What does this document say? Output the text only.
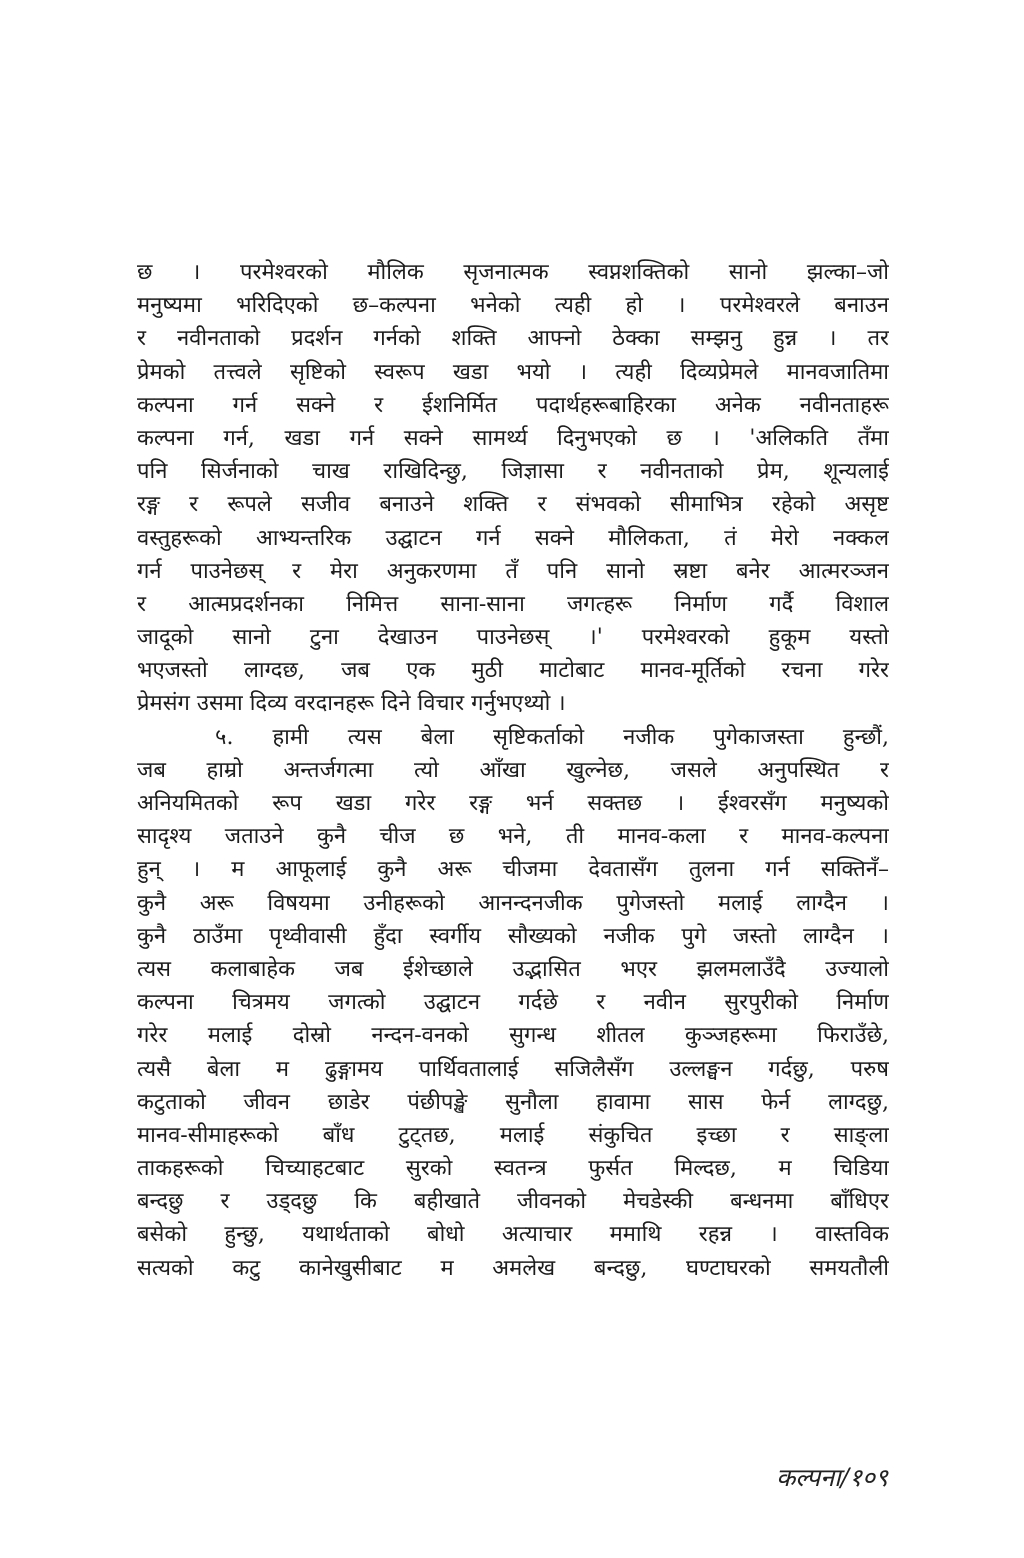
छ । परमेश्वरको मौलिक सृजनात्मक स्वप्नशक्तिको सानो झल्का–जो
मनुष्यमा भरिदिएको छ–कल्पना भनेको त्यही हो । परमेश्वरले बनाउन
र नवीनताको प्रदर्शन गर्नको शक्ति आफ्नो ठेक्का सम्झनु हुन्न । तर
प्रेमको तत्त्वले सृष्टिको स्वरूप खडा भयो । त्यही दिव्यप्रेमले मानवजातिमा
कल्पना गर्न सक्ने र ईशनिर्मित पदार्थहरूबाहिरका अनेक नवीनताहरू
कल्पना गर्न, खडा गर्न सक्ने सामर्थ्य दिनुभएको छ । 'अलिकति तँमा
पनि सिर्जनाको चाख राखिदिन्छु, जिज्ञासा र नवीनताको प्रेम, शून्यलाई
रङ्ग र रूपले सजीव बनाउने शक्ति र संभवको सीमाभित्र रहेको असृष्ट
वस्तुहरूको आभ्यन्तरिक उद्घाटन गर्न सक्ने मौलिकता, तं मेरो नक्कल
गर्न पाउनेछस् र मेरा अनुकरणमा तँ पनि सानो स्रष्टा बनेर आत्मरञ्जन
र आत्मप्रदर्शनका निमित्त साना-साना जगत्हरू निर्माण गर्दै विशाल
जादूको सानो टुना देखाउन पाउनेछस् ।' परमेश्वरको हुकूम यस्तो
भएजस्तो लाग्दछ, जब एक मुठी माटोबाट मानव-मूर्तिको रचना गरेर
प्रेमसंग उसमा दिव्य वरदानहरू दिने विचार गर्नुभएथ्यो ।
५. हामी त्यस बेला सृष्टिकर्ताको नजीक पुगेकाजस्ता हुन्छौं,
जब हाम्रो अन्तर्जगत्मा त्यो आँखा खुल्नेछ, जसले अनुपस्थित र
अनियमितको रूप खडा गरेर रङ्ग भर्न सक्तछ । ईश्वरसँग मनुष्यको
सादृश्य जताउने कुनै चीज छ भने, ती मानव-कला र मानव-कल्पना
हुन् । म आफूलाई कुनै अरू चीजमा देवतासँग तुलना गर्न सक्तिनँ–
कुनै अरू विषयमा उनीहरूको आनन्दनजीक पुगेजस्तो मलाई लाग्दैन ।
कुनै ठाउँमा पृथ्वीवासी हुँदा स्वर्गीय सौख्यको नजीक पुगे जस्तो लाग्दैन ।
त्यस कलाबाहेक जब ईशेच्छाले उद्भासित भएर झलमलाउँदै उज्यालो
कल्पना चित्रमय जगत्को उद्घाटन गर्दछे र नवीन सुरपुरीको निर्माण
गरेर मलाई दोस्रो नन्दन-वनको सुगन्ध शीतल कुञ्जहरूमा फिराउँछे,
त्यसै बेला म ढुङ्गामय पार्थिवतालाई सजिलैसँग उल्लङ्घन गर्दछु, परुष
कटुताको जीवन छाडेर पंछीपङ्खे सुनौला हावामा सास फेर्न लाग्दछु,
मानव-सीमाहरूको बाँध टुट्तछ, मलाई संकुचित इच्छा र साङ्ला
ताकहरूको चिच्याहटबाट सुरको स्वतन्त्र फुर्सत मिल्दछ, म चिडिया
बन्दछु र उड्दछु कि बहीखाते जीवनको मेचडेस्की बन्धनमा बाँधिएर
बसेको हुन्छु, यथार्थताको बोधो अत्याचार ममाथि रहन्न । वास्तविक
सत्यको कटु कानेखुसीबाट म अमलेख बन्दछु, घण्टाघरको समयतौली
कल्पना/१०९
